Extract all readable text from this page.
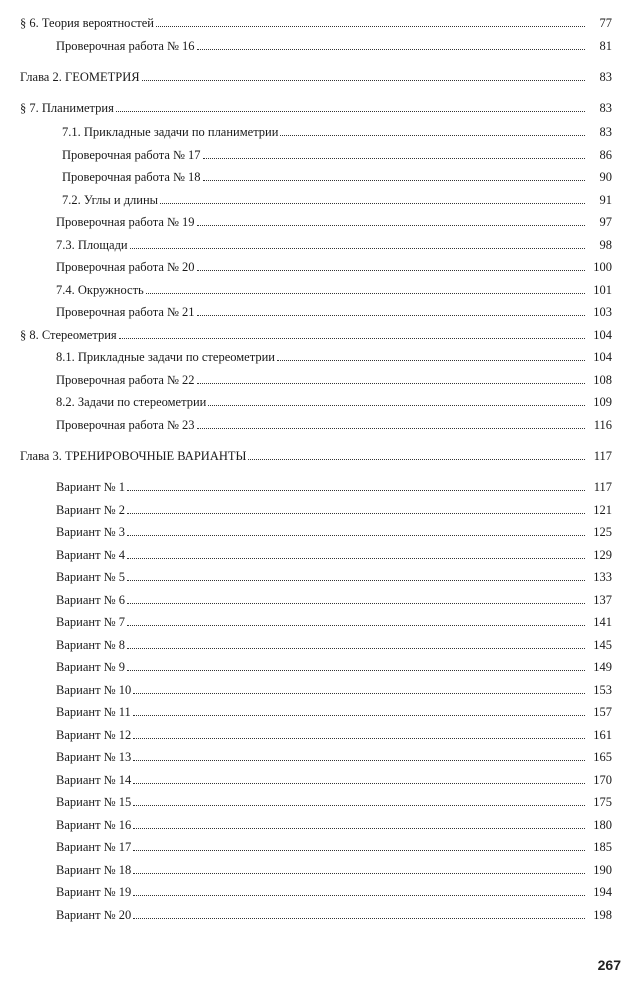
§ 6. Теория вероятностей	77
Проверочная работа № 16	81
Глава 2. ГЕОМЕТРИЯ	83
§ 7. Планиметрия	83
7.1. Прикладные задачи по планиметрии	83
Проверочная работа № 17	86
Проверочная работа № 18	90
7.2. Углы и длины	91
Проверочная работа № 19	97
7.3. Площади	98
Проверочная работа № 20	100
7.4. Окружность	101
Проверочная работа № 21	103
§ 8. Стереометрия	104
8.1. Прикладные задачи по стереометрии	104
Проверочная работа № 22	108
8.2. Задачи по стереометрии	109
Проверочная работа № 23	116
Глава 3. ТРЕНИРОВОЧНЫЕ ВАРИАНТЫ	117
Вариант № 1	117
Вариант № 2	121
Вариант № 3	125
Вариант № 4	129
Вариант № 5	133
Вариант № 6	137
Вариант № 7	141
Вариант № 8	145
Вариант № 9	149
Вариант № 10	153
Вариант № 11	157
Вариант № 12	161
Вариант № 13	165
Вариант № 14	170
Вариант № 15	175
Вариант № 16	180
Вариант № 17	185
Вариант № 18	190
Вариант № 19	194
Вариант № 20	198
267
